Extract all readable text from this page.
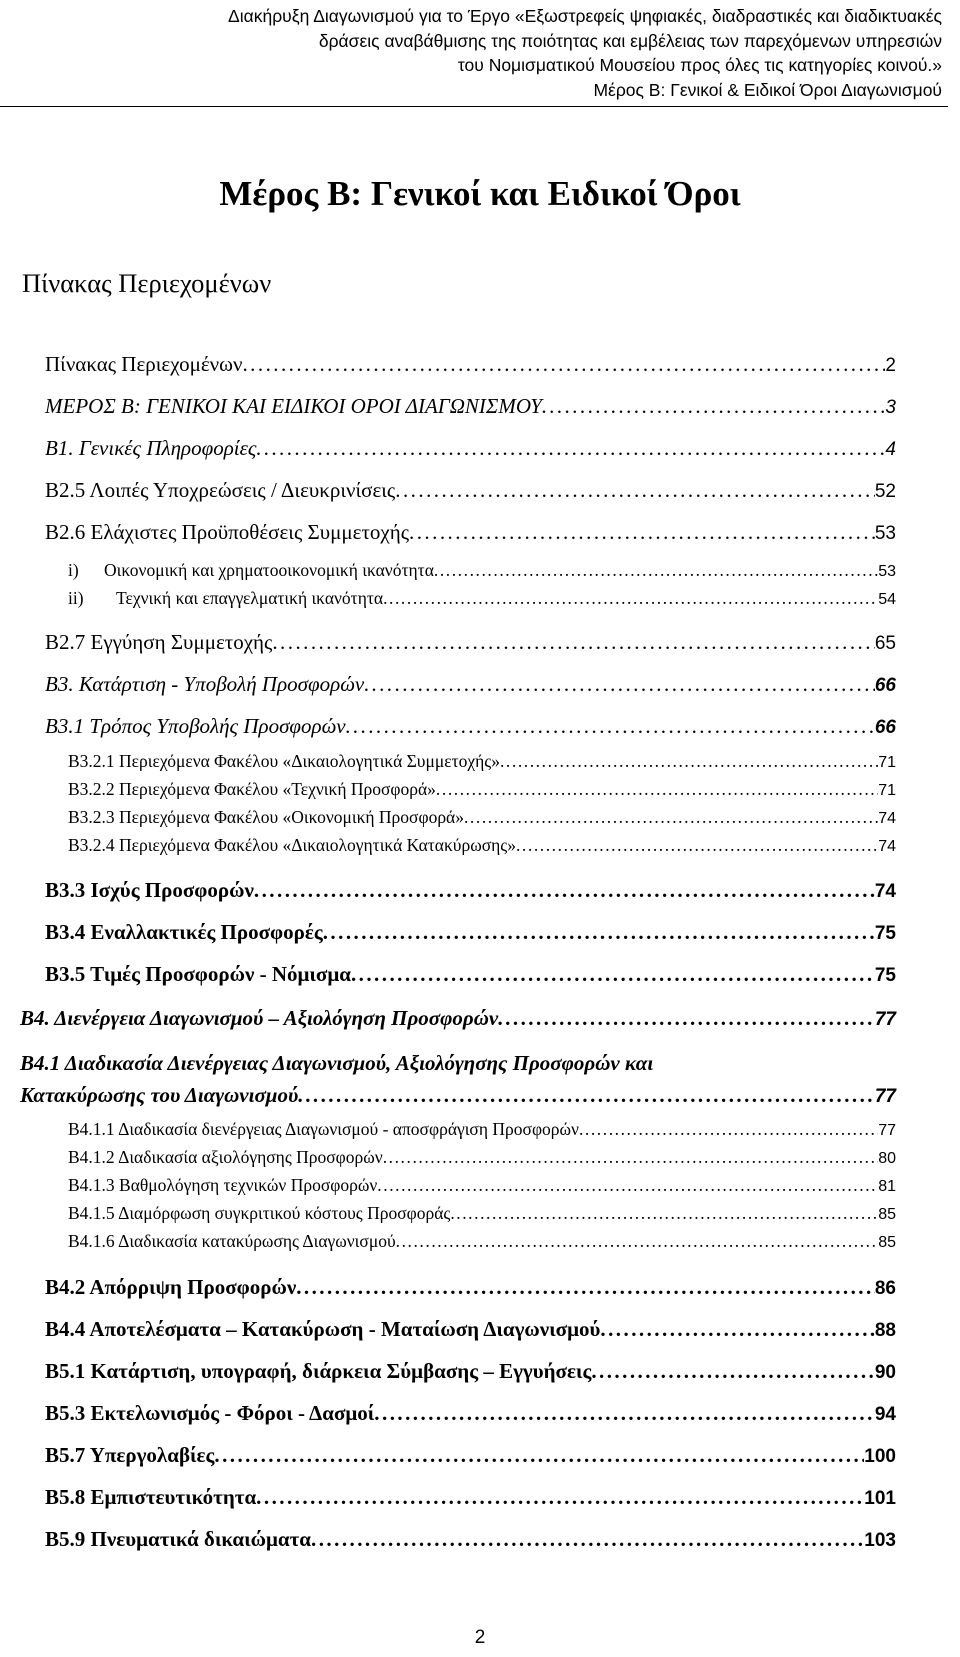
Διακήρυξη Διαγωνισμού για το Έργο «Εξωστρεφείς ψηφιακές, διαδραστικές και διαδικτυακές
δράσεις αναβάθμισης της ποιότητας και εμβέλειας των παρεχόμενων υπηρεσιών
του Νομισματικού Μουσείου προς όλες τις κατηγορίες κοινού.»
Μέρος Β: Γενικοί & Ειδικοί Όροι Διαγωνισμού
Μέρος Β: Γενικοί και Ειδικοί Όροι
Πίνακας Περιεχομένων
Πίνακας Περιεχομένων . . .	2
ΜΕΡΟΣ Β: ΓΕΝΙΚΟΙ ΚΑΙ ΕΙΔΙΚΟΙ ΟΡΟΙ ΔΙΑΓΩΝΙΣΜΟΥ . . .	3
Β1. Γενικές Πληροφορίες . . .	4
Β2.5 Λοιπές Υποχρεώσεις / Διευκρινίσεις . . .	52
Β2.6 Ελάχιστες Προϋποθέσεις Συμμετοχής . . .	53
i)	Οικονομική και χρηματοοικονομική ικανότητα . . .	53
ii)	Τεχνική και επαγγελματική ικανότητα . . .	54
Β2.7 Εγγύηση Συμμετοχής . . .	65
Β3. Κατάρτιση - Υποβολή Προσφορών . . .	66
Β3.1 Τρόπος Υποβολής Προσφορών . . .	66
Β3.2.1 Περιεχόμενα Φακέλου «Δικαιολογητικά Συμμετοχής» . . .	71
Β3.2.2 Περιεχόμενα Φακέλου «Τεχνική Προσφορά» . . .	71
Β3.2.3 Περιεχόμενα Φακέλου «Οικονομική Προσφορά» . . .	74
Β3.2.4 Περιεχόμενα Φακέλου «Δικαιολογητικά Κατακύρωσης» . . .	74
Β3.3 Ισχύς Προσφορών . . .	74
Β3.4 Εναλλακτικές Προσφορές . . .	75
Β3.5 Τιμές Προσφορών - Νόμισμα . . .	75
Β4. Διενέργεια Διαγωνισμού – Αξιολόγηση Προσφορών . . .	77
Β4.1 Διαδικασία Διενέργειας Διαγωνισμού, Αξιολόγησης Προσφορών και
Κατακύρωσης του Διαγωνισμού . . .	77
Β4.1.1 Διαδικασία διενέργειας Διαγωνισμού - αποσφράγιση Προσφορών . . .	77
Β4.1.2 Διαδικασία αξιολόγησης Προσφορών . . .	80
Β4.1.3 Βαθμολόγηση τεχνικών Προσφορών . . .	81
Β4.1.5 Διαμόρφωση συγκριτικού κόστους Προσφοράς . . .	85
Β4.1.6 Διαδικασία κατακύρωσης Διαγωνισμού . . .	85
Β4.2 Απόρριψη Προσφορών . . .	86
Β4.4 Αποτελέσματα – Κατακύρωση - Ματαίωση Διαγωνισμού . . .	88
Β5.1 Κατάρτιση, υπογραφή, διάρκεια Σύμβασης – Εγγυήσεις . . .	90
Β5.3 Εκτελωνισμός - Φόροι - Δασμοί . . .	94
Β5.7 Υπεργολαβίες . . .	100
Β5.8 Εμπιστευτικότητα . . .	101
Β5.9 Πνευματικά δικαιώματα . . .	103
2
